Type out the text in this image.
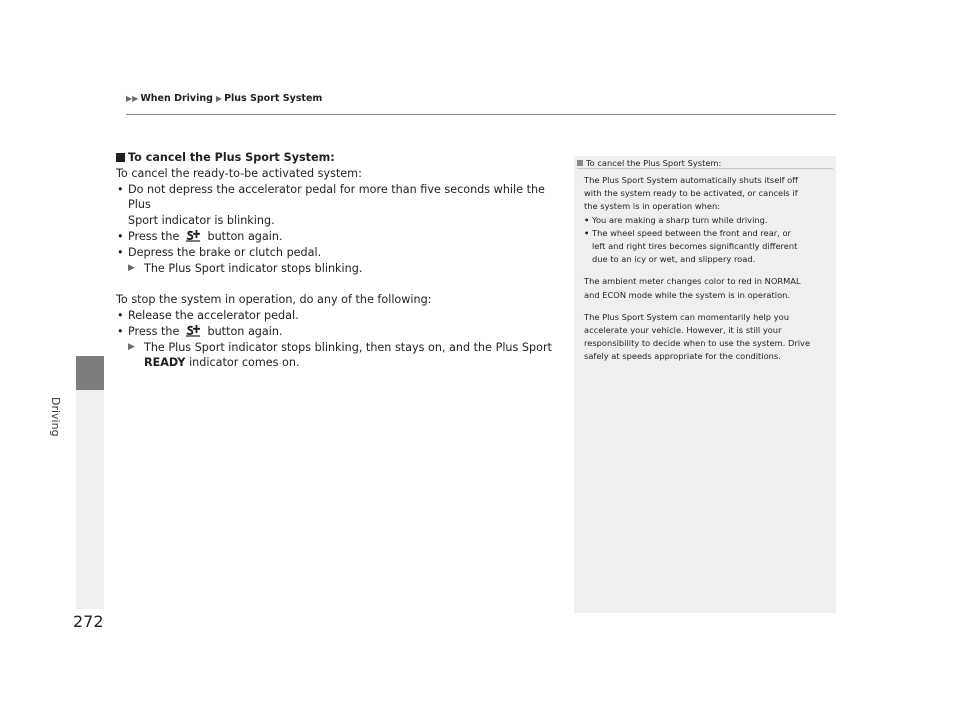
▶▶ When Driving ▶ Plus Sport System
Driving
272

To cancel the Plus Sport System:

To cancel the ready-to-be activated system:

• Do not depress the accelerator pedal for more than five seconds while the Plus
Sport indicator is blinking.
• Press the	button again.
• Depress the brake or clutch pedal.
▶ The Plus Sport indicator stops blinking.

To stop the system in operation, do any of the following:

• Release the accelerator pedal.
• Press the	button again.
▶ The Plus Sport indicator stops blinking, then stays on, and the Plus Sport
READY indicator comes on.
To cancel the Plus Sport System:
The Plus Sport System automatically shuts itself off
with the system ready to be activated, or cancels if
the system is in operation when:
• You are making a sharp turn while driving.
• The wheel speed between the front and rear, or
left and right tires becomes significantly different
due to an icy or wet, and slippery road.
The ambient meter changes color to red in NORMAL
and ECON mode while the system is in operation.
The Plus Sport System can momentarily help you
accelerate your vehicle. However, it is still your
responsibility to decide when to use the system. Drive
safely at speeds appropriate for the conditions.
